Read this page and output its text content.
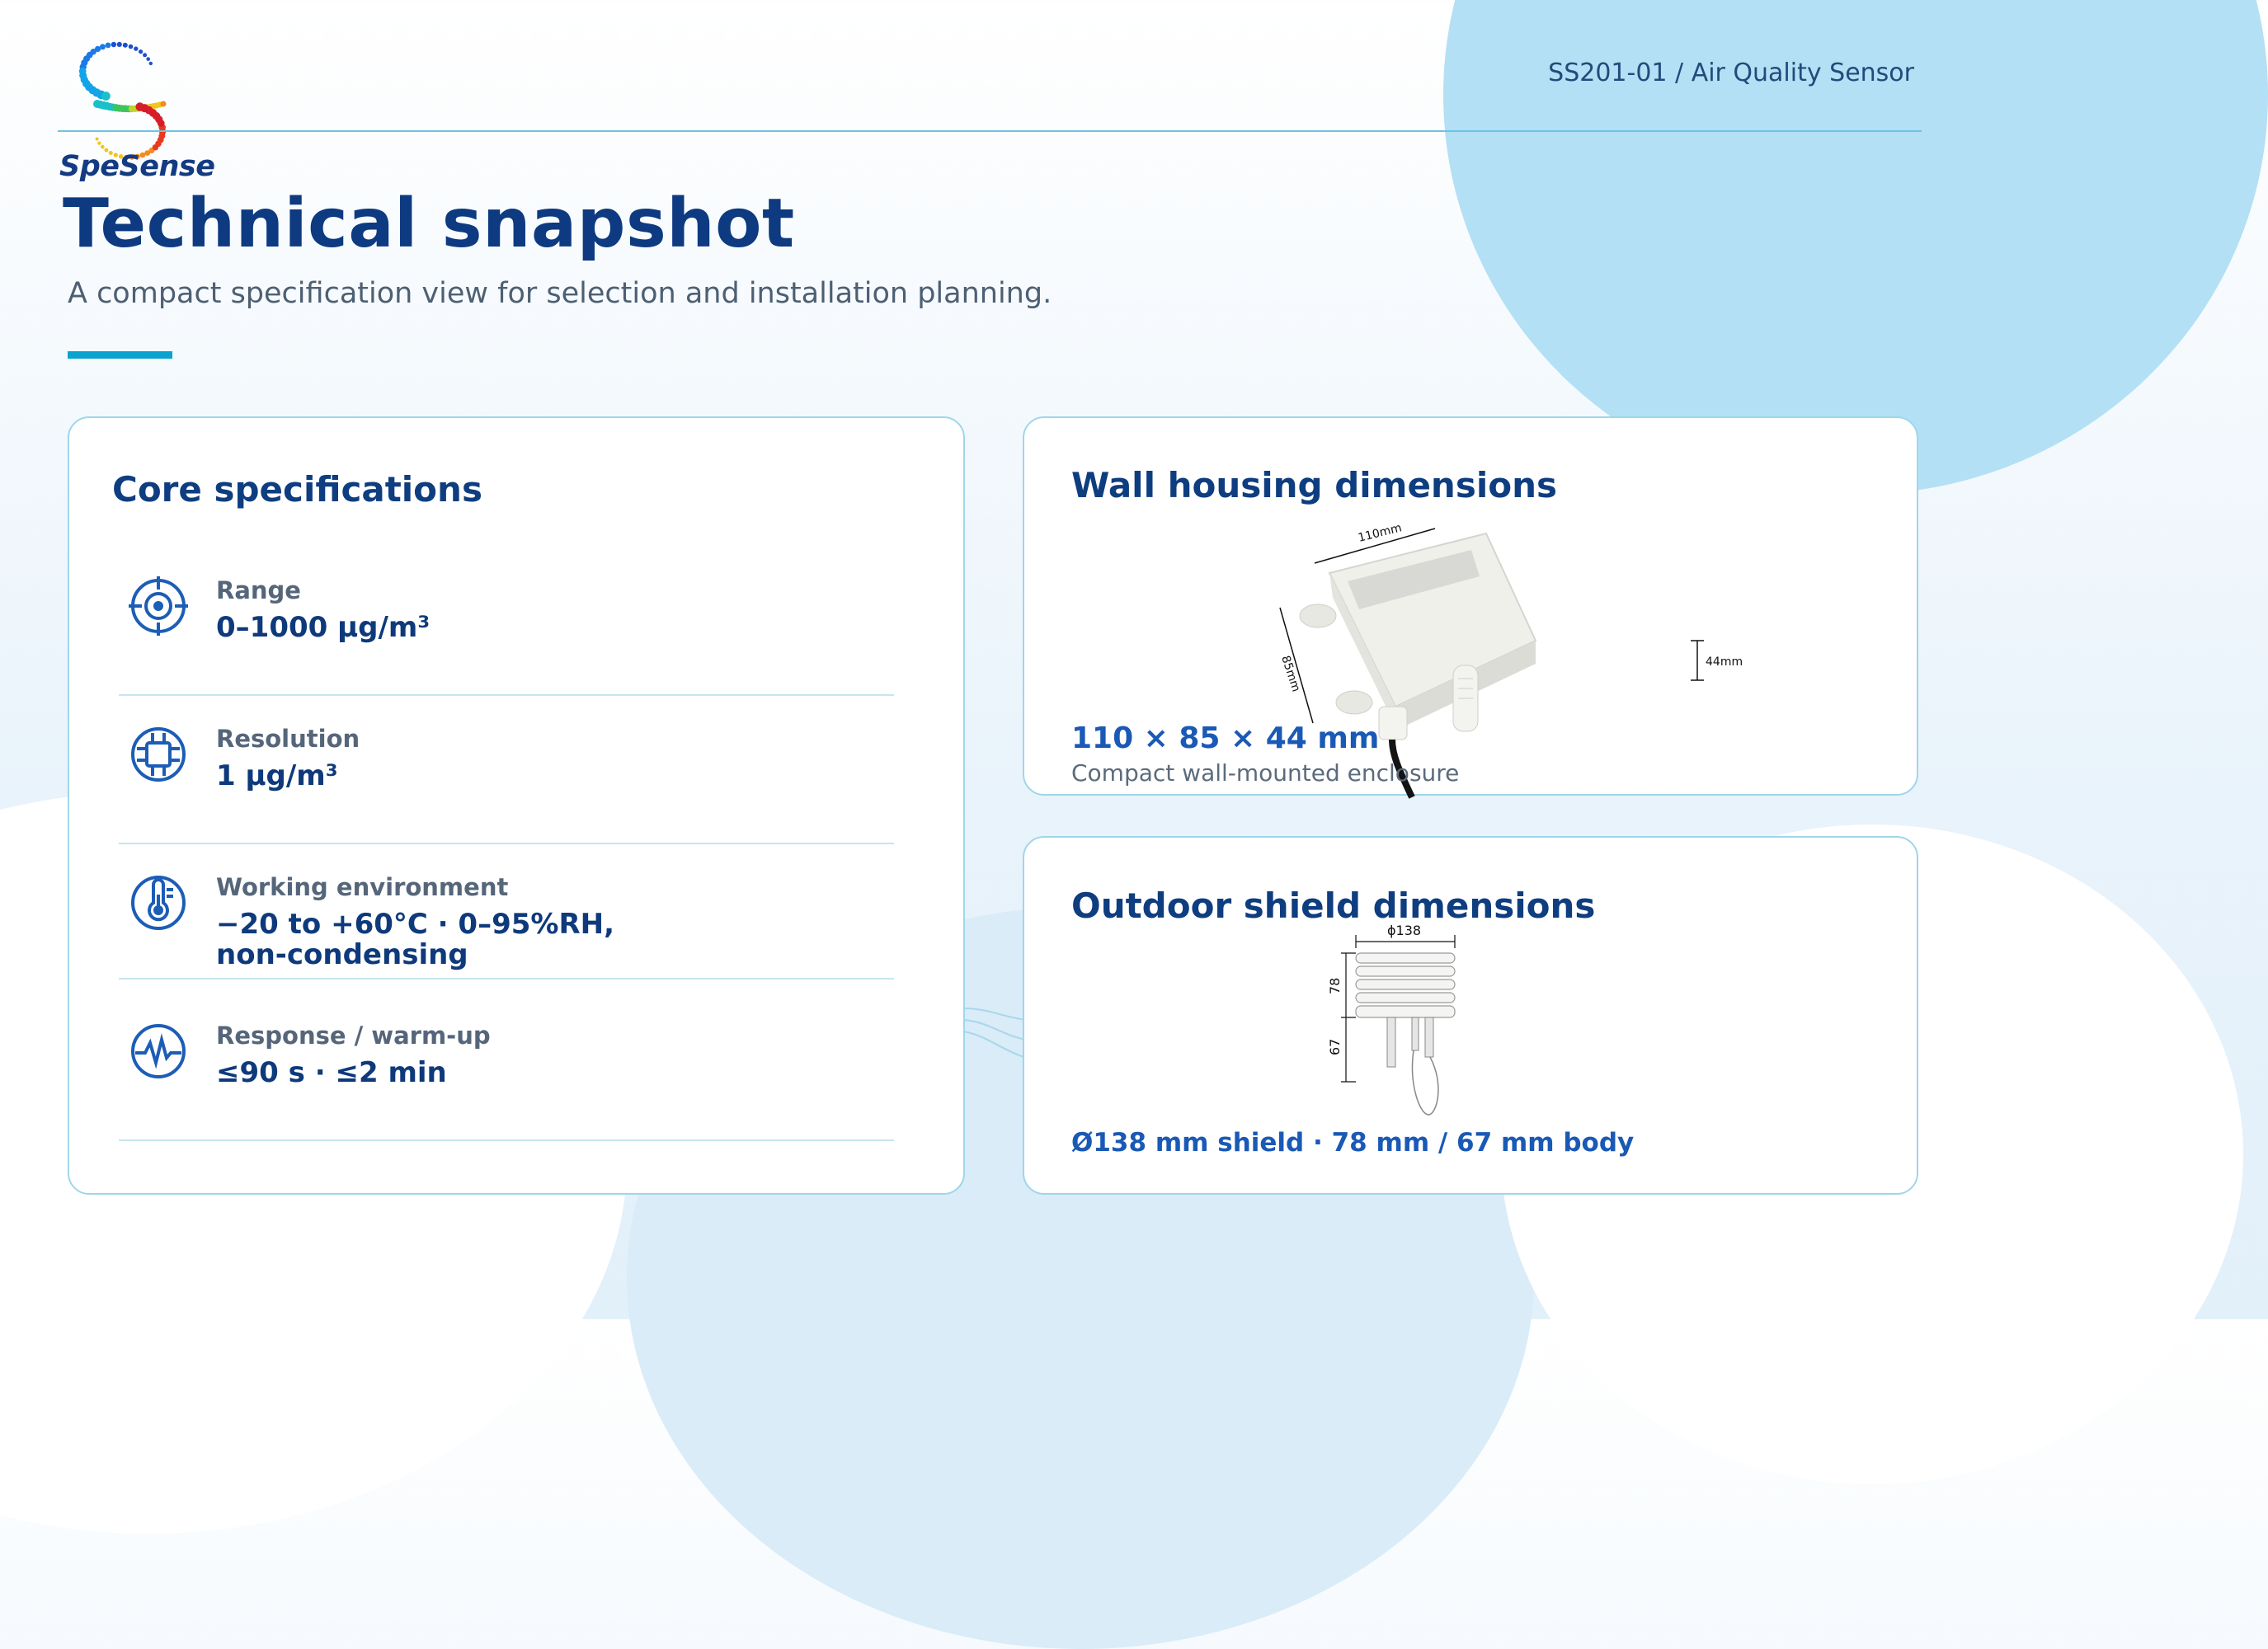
SpeSense
SS201-01 / Air Quality Sensor
Technical snapshot
A compact specification view for selection and installation planning.
Core specifications
Range
0–1000 µg/m³
Resolution
1 µg/m³
Working environment
−20 to +60°C · 0–95%RH,
non-condensing
Response / warm-up
≤90 s · ≤2 min
Wall housing dimensions
110mm
85mm	44mm
110 × 85 × 44 mm
Compact wall-mounted enclosure
Outdoor shield dimensions
ϕ138
78
67
Ø138 mm shield · 78 mm / 67 mm body
